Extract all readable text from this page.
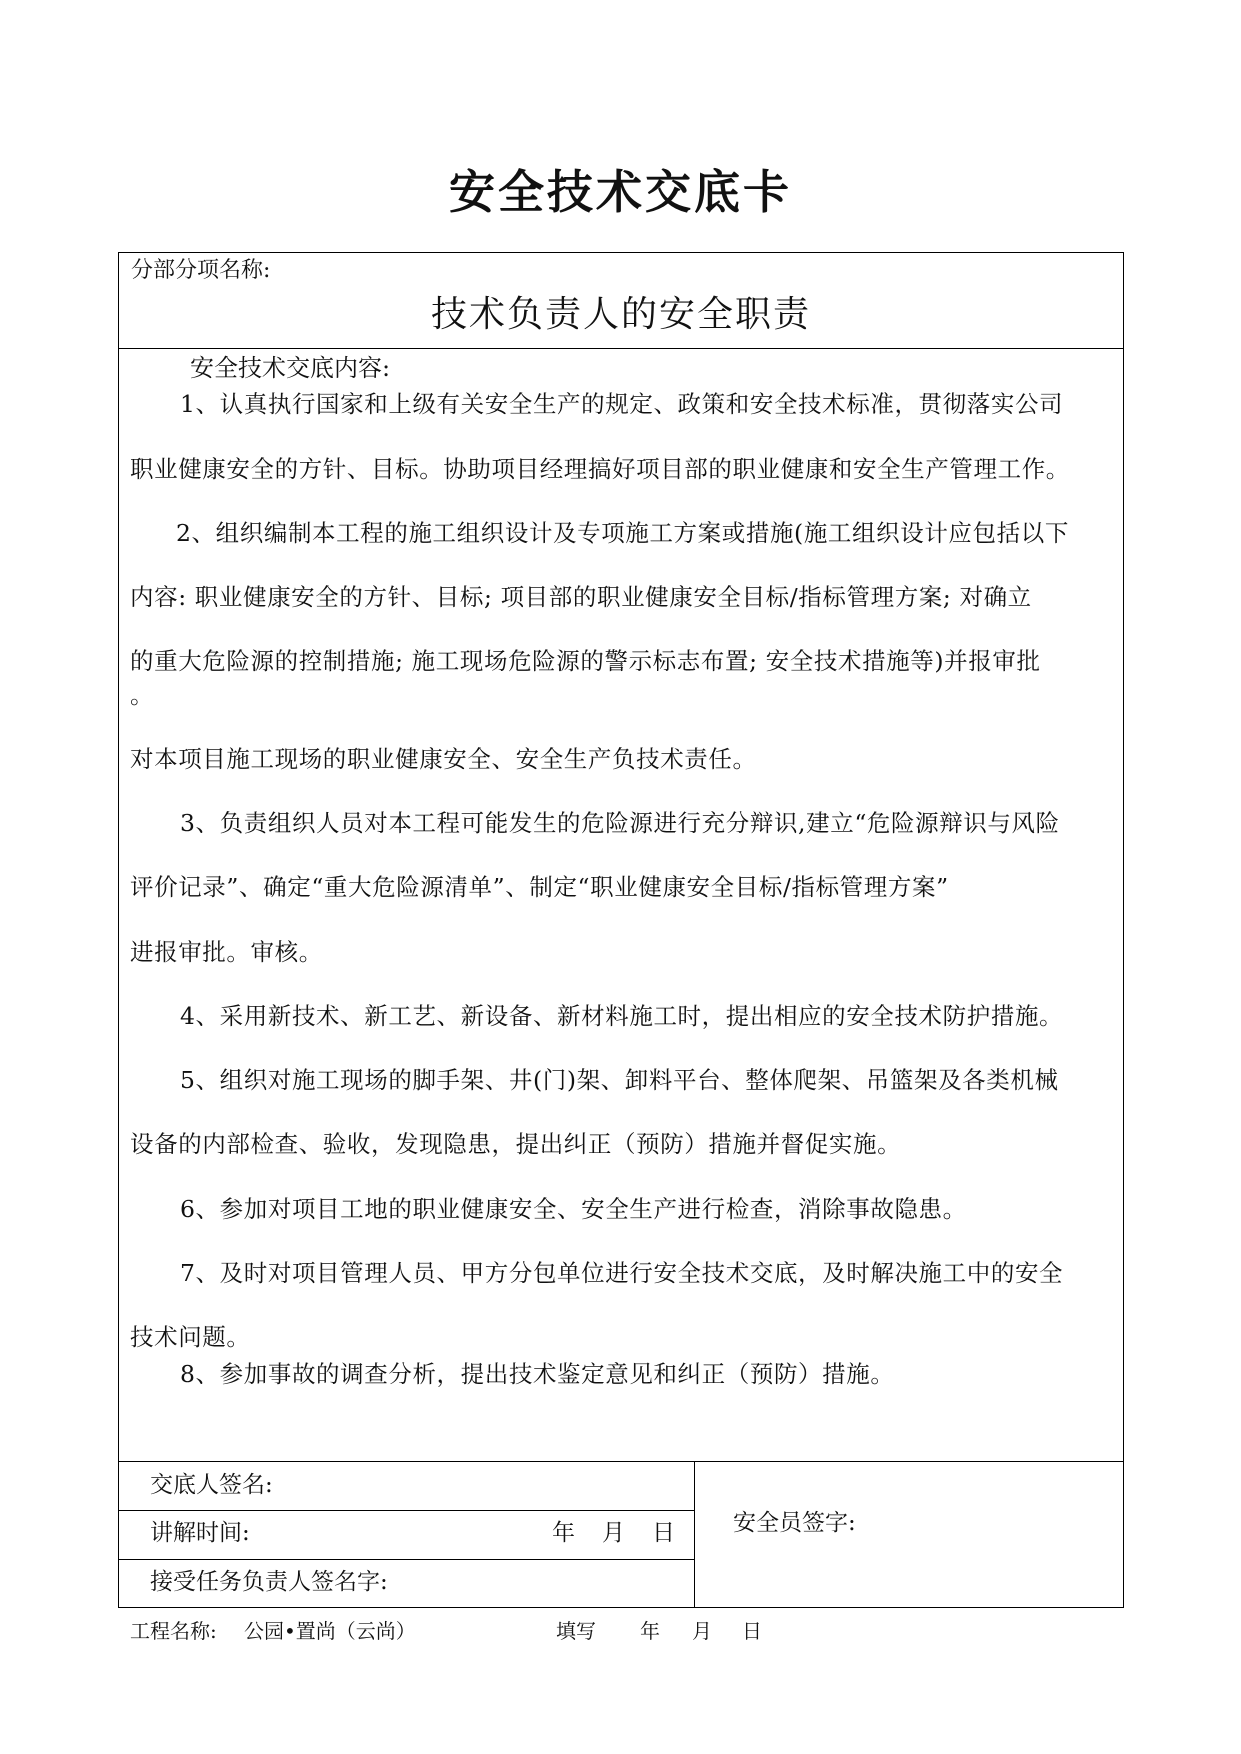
安全技术交底卡
分部分项名称:
技术负责人的安全职责
安全技术交底内容:
1、认真执行国家和上级有关安全生产的规定、政策和安全技术标准，贯彻落实公司
职业健康安全的方针、目标。协助项目经理搞好项目部的职业健康和安全生产管理工作。
2、组织编制本工程的施工组织设计及专项施工方案或措施(施工组织设计应包括以下
内容: 职业健康安全的方针、目标; 项目部的职业健康安全目标/指标管理方案; 对确立
的重大危险源的控制措施; 施工现场危险源的警示标志布置; 安全技术措施等)并报审批
。
对本项目施工现场的职业健康安全、安全生产负技术责任。
3、负责组织人员对本工程可能发生的危险源进行充分辩识,建立“危险源辩识与风险
评价记录”、确定“重大危险源清单”、制定“职业健康安全目标/指标管理方案”
进报审批。审核。
4、采用新技术、新工艺、新设备、新材料施工时，提出相应的安全技术防护措施。
5、组织对施工现场的脚手架、井(门)架、卸料平台、整体爬架、吊篮架及各类机械
设备的内部检查、验收，发现隐患，提出纠正（预防）措施并督促实施。
6、参加对项目工地的职业健康安全、安全生产进行检查，消除事故隐患。
7、及时对项目管理人员、甲方分包单位进行安全技术交底，及时解决施工中的安全
技术问题。
8、参加事故的调查分析，提出技术鉴定意见和纠正（预防）措施。
交底人签名:
讲解时间:	年 月 日
接受任务负责人签名字:
安全员签字:
工程名称: 公园•置尚（云尚）	填写 年 月 日
